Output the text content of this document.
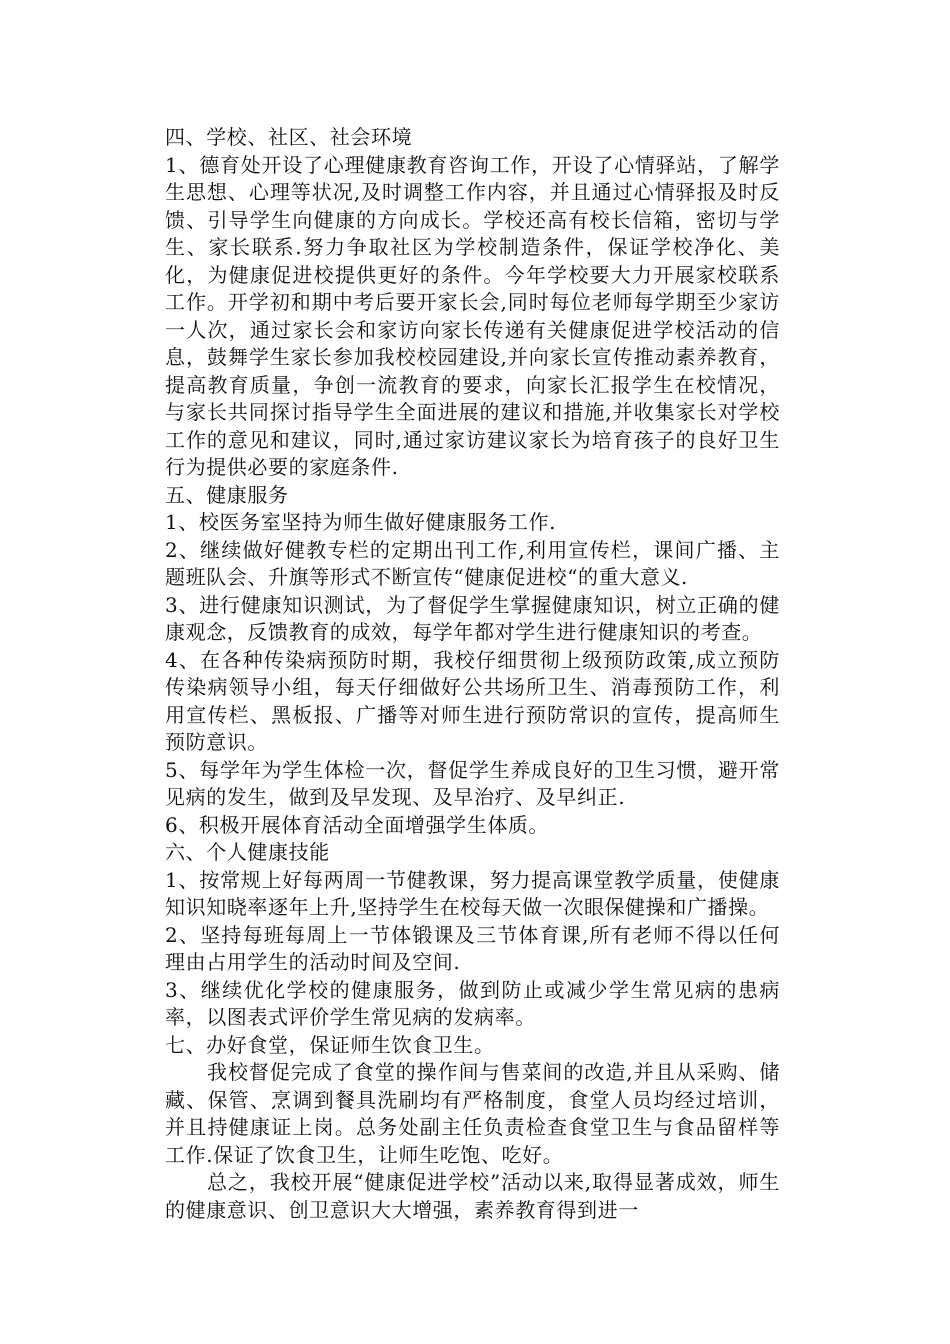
四、学校、社区、社会环境

1、德育处开设了心理健康教育咨询工作，开设了心情驿站，了解学生思想、心理等状况,及时调整工作内容，并且通过心情驿报及时反馈、引导学生向健康的方向成长。学校还高有校长信箱，密切与学生、家长联系.努力争取社区为学校制造条件，保证学校净化、美化，为健康促进校提供更好的条件。今年学校要大力开展家校联系工作。开学初和期中考后要开家长会,同时每位老师每学期至少家访一人次，通过家长会和家访向家长传递有关健康促进学校活动的信息，鼓舞学生家长参加我校校园建设,并向家长宣传推动素养教育，提高教育质量，争创一流教育的要求，向家长汇报学生在校情况，与家长共同探讨指导学生全面进展的建议和措施,并收集家长对学校工作的意见和建议，同时,通过家访建议家长为培育孩子的良好卫生行为提供必要的家庭条件.

五、健康服务

1、校医务室坚持为师生做好健康服务工作.

2、继续做好健教专栏的定期出刊工作,利用宣传栏，课间广播、主题班队会、升旗等形式不断宣传“健康促进校“的重大意义.

3、进行健康知识测试，为了督促学生掌握健康知识，树立正确的健康观念，反馈教育的成效，每学年都对学生进行健康知识的考查。

4、在各种传染病预防时期，我校仔细贯彻上级预防政策,成立预防传染病领导小组，每天仔细做好公共场所卫生、消毒预防工作，利用宣传栏、黑板报、广播等对师生进行预防常识的宣传，提高师生预防意识。

5、每学年为学生体检一次，督促学生养成良好的卫生习惯，避开常见病的发生，做到及早发现、及早治疗、及早纠正.

6、积极开展体育活动全面增强学生体质。

六、个人健康技能

1、按常规上好每两周一节健教课，努力提高课堂教学质量，使健康知识知晓率逐年上升,坚持学生在校每天做一次眼保健操和广播操。

2、坚持每班每周上一节体锻课及三节体育课,所有老师不得以任何理由占用学生的活动时间及空间.

3、继续优化学校的健康服务，做到防止或减少学生常见病的患病率，以图表式评价学生常见病的发病率。

七、办好食堂，保证师生饮食卫生。

我校督促完成了食堂的操作间与售菜间的改造,并且从采购、储藏、保管、烹调到餐具洗刷均有严格制度，食堂人员均经过培训，并且持健康证上岗。总务处副主任负责检查食堂卫生与食品留样等工作.保证了饮食卫生，让师生吃饱、吃好。

总之，我校开展“健康促进学校”活动以来,取得显著成效，师生的健康意识、创卫意识大大增强，素养教育得到进一
